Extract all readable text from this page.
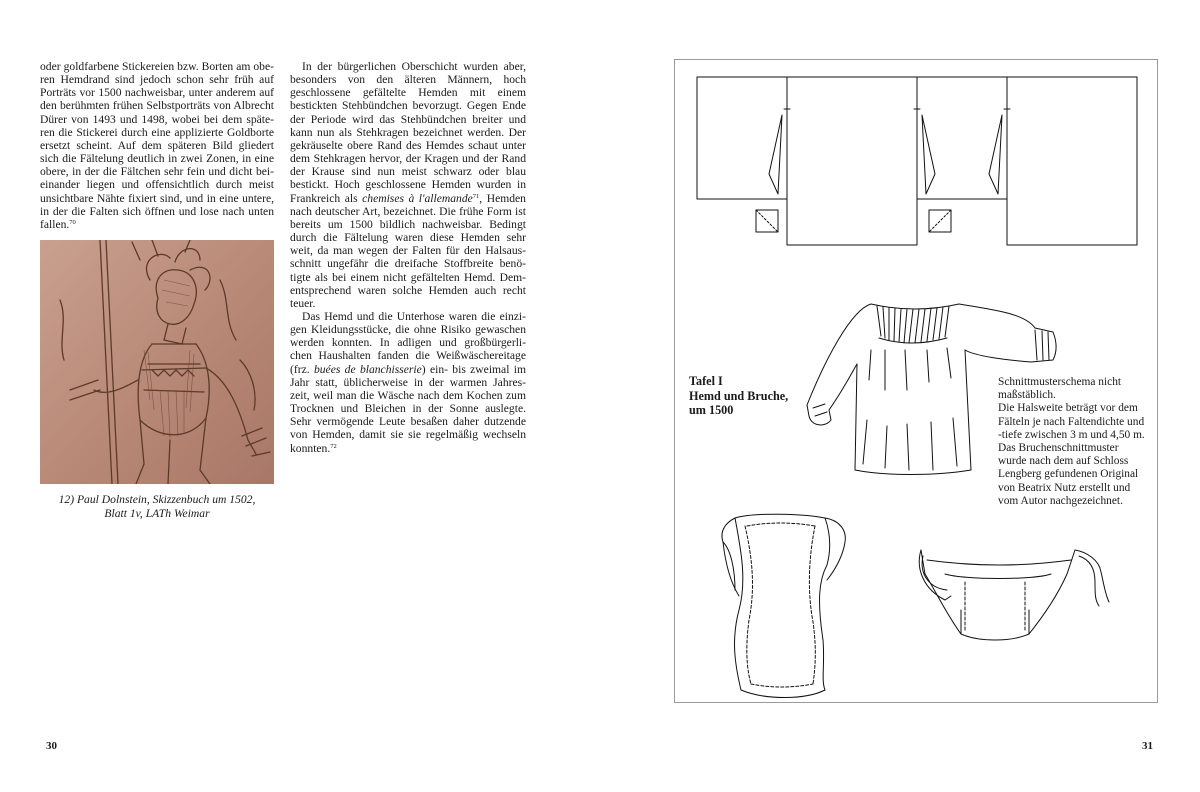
oder goldfarbene Stickereien bzw. Borten am obe- ren Hemdrand sind jedoch schon sehr früh auf Porträts vor 1500 nachweisbar, unter anderem auf den berühmten frühen Selbstporträts von Albrecht Dürer von 1493 und 1498, wobei bei dem späte- ren die Stickerei durch eine applizierte Goldborte ersetzt scheint. Auf dem späteren Bild gliedert sich die Fältelung deutlich in zwei Zonen, in eine obere, in der die Fältchen sehr fein und dicht bei- einander liegen und offensichtlich durch meist unsichtbare Nähte fixiert sind, und in eine untere, in der die Falten sich öffnen und lose nach unten fallen.$^{70}$

12) Paul Dolnstein, Skizzenbuch um 1502,
Blatt 1v, LATh Weimar

In der bürgerlichen Oberschicht wurden aber, besonders von den älteren Männern, hoch geschlossene gefältelte Hemden mit einem bestickten Stehbündchen bevorzugt. Gegen Ende der Periode wird das Stehbündchen breiter und kann nun als Stehkragen bezeichnet werden. Der gekräuselte obere Rand des Hemdes schaut unter dem Stehkragen hervor, der Kragen und der Rand der Krause sind nun meist schwarz oder blau bestickt. Hoch geschlossene Hemden wurden in Frankreich als chemises à l'allemande$^{71}$, Hemden nach deutscher Art, bezeichnet. Die frühe Form ist bereits um 1500 bildlich nachweisbar. Bedingt durch die Fältelung waren diese Hemden sehr weit, da man wegen der Falten für den Halsaus- schnitt ungefähr die dreifache Stoffbreite benö- tigte als bei einem nicht gefältelten Hemd. Dem- entsprechend waren solche Hemden auch recht teuer.

Das Hemd und die Unterhose waren die einzi- gen Kleidungsstücke, die ohne Risiko gewaschen werden konnten. In adligen und großbürgerli- chen Haushalten fanden die Weißwäschereitage (frz. buées de blanchisserie) ein- bis zweimal im Jahr statt, üblicherweise in der warmen Jahres- zeit, weil man die Wäsche nach dem Kochen zum Trocknen und Bleichen in der Sonne auslegte. Sehr vermögende Leute besaßen daher dutzende von Hemden, damit sie sie regelmäßig wechseln konnten.$^{72}$

30
Tafel I
Hemd und Bruche,
um 1500
Schnittmusterschema nicht
maßstäblich.
Die Halsweite beträgt vor dem
Fälteln je nach Faltendichte und
-tiefe zwischen 3 m und 4,50 m.
Das Bruchenschnittmuster
wurde nach dem auf Schloss
Lengberg gefundenen Original
von Beatrix Nutz erstellt und
vom Autor nachgezeichnet.
31
